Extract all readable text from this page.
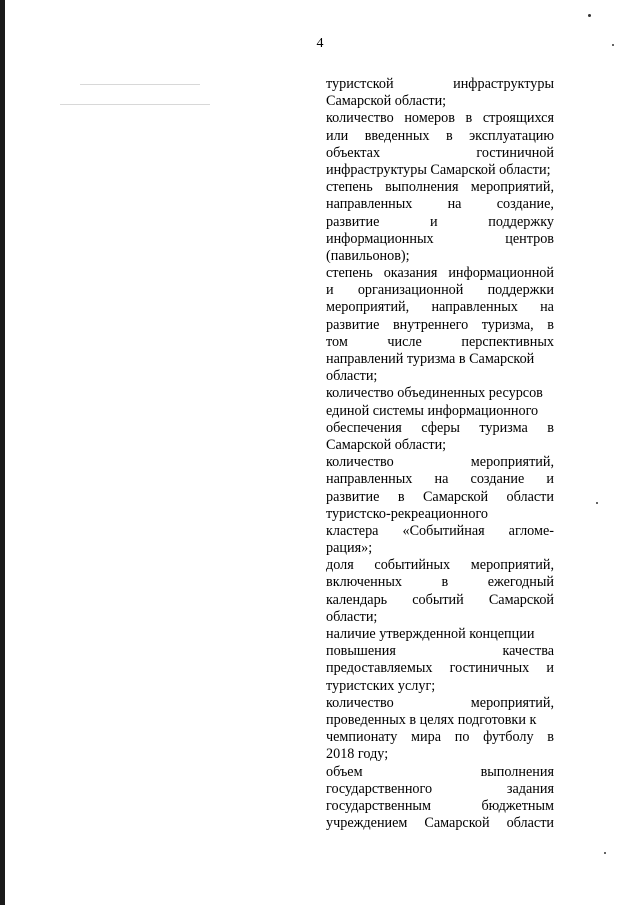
4
туристской	инфраструктуры
Самарской области;
количество номеров в строящихся
или введенных в эксплуатацию
объектах	гостиничной
инфраструктуры Самарской области;
степень выполнения мероприятий,
направленных на создание,
развитие	и	поддержку
информационных	центров
(павильонов);
степень оказания информационной
и организационной поддержки
мероприятий, направленных на
развитие внутреннего туризма, в
том	числе	перспективных
направлений туризма в Самарской
области;
количество объединенных ресурсов
единой системы информационного
обеспечения сферы туризма в
Самарской области;
количество	мероприятий,
направленных на создание и
развитие в Самарской области
туристско-рекреационного
кластера «Событийная агломе-
рация»;
доля событийных мероприятий,
включенных	в	ежегодный
календарь событий Самарской
области;
наличие утвержденной концепции
повышения	качества
предоставляемых гостиничных и
туристских услуг;
количество	мероприятий,
проведенных в целях подготовки к
чемпионату мира по футболу в
2018 году;
объем	выполнения
государственного	задания
государственным	бюджетным
учреждением Самарской области
